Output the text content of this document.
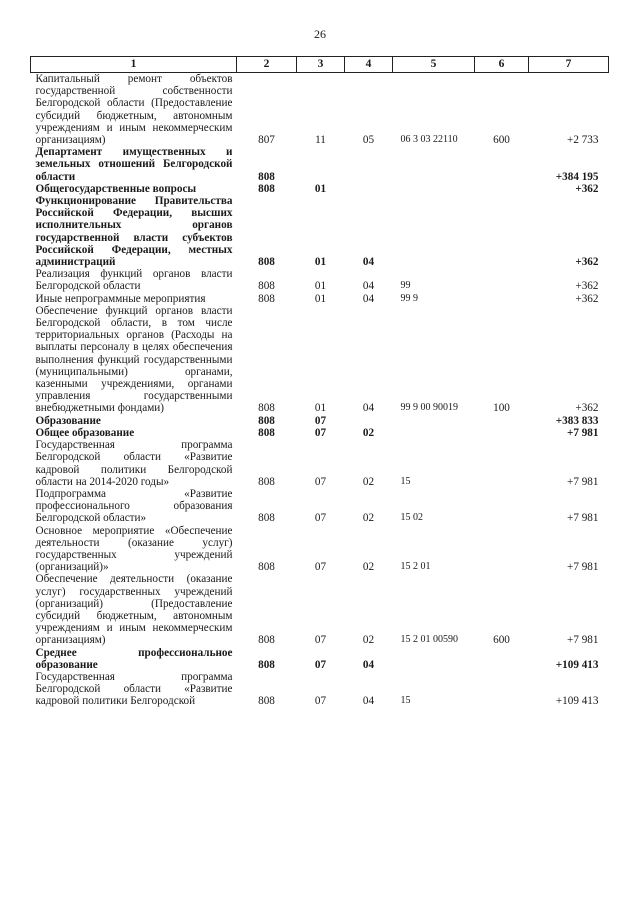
26
1	2	3	4	5	6	7
Капитальный ремонт объектов государственной собственности Белгородской области (Предоставление субсидий бюджетным, автономным учреждениям и иным некоммерческим организациям)	807	11	05	06 3 03 22110	600	+2 733
Департамент имущественных и земельных отношений Белгородской области	808					+384 195
Общегосударственные вопросы	808	01				+362
Функционирование Правительства Российской Федерации, высших исполнительных органов государственной власти субъектов Российской Федерации, местных администраций	808	01	04			+362
Реализация функций органов власти Белгородской области	808	01	04	99		+362
Иные непрограммные мероприятия	808	01	04	99 9		+362
Обеспечение функций органов власти Белгородской области, в том числе территориальных органов (Расходы на выплаты персоналу в целях обеспечения выполнения функций государственными (муниципальными) органами, казенными учреждениями, органами управления государственными внебюджетными фондами)	808	01	04	99 9 00 90019	100	+362
Образование	808	07				+383 833
Общее образование	808	07	02			+7 981
Государственная программа Белгородской области «Развитие кадровой политики Белгородской области на 2014-2020 годы»	808	07	02	15		+7 981
Подпрограмма «Развитие профессионального образования Белгородской области»	808	07	02	15 02		+7 981
Основное мероприятие «Обеспечение деятельности (оказание услуг) государственных учреждений (организаций)»	808	07	02	15 2 01		+7 981
Обеспечение деятельности (оказание услуг) государственных учреждений (организаций) (Предоставление субсидий бюджетным, автономным учреждениям и иным некоммерческим организациям)	808	07	02	15 2 01 00590	600	+7 981
Среднее профессиональное образование	808	07	04			+109 413
Государственная программа Белгородской области «Развитие кадровой политики Белгородской	808	07	04	15		+109 413
